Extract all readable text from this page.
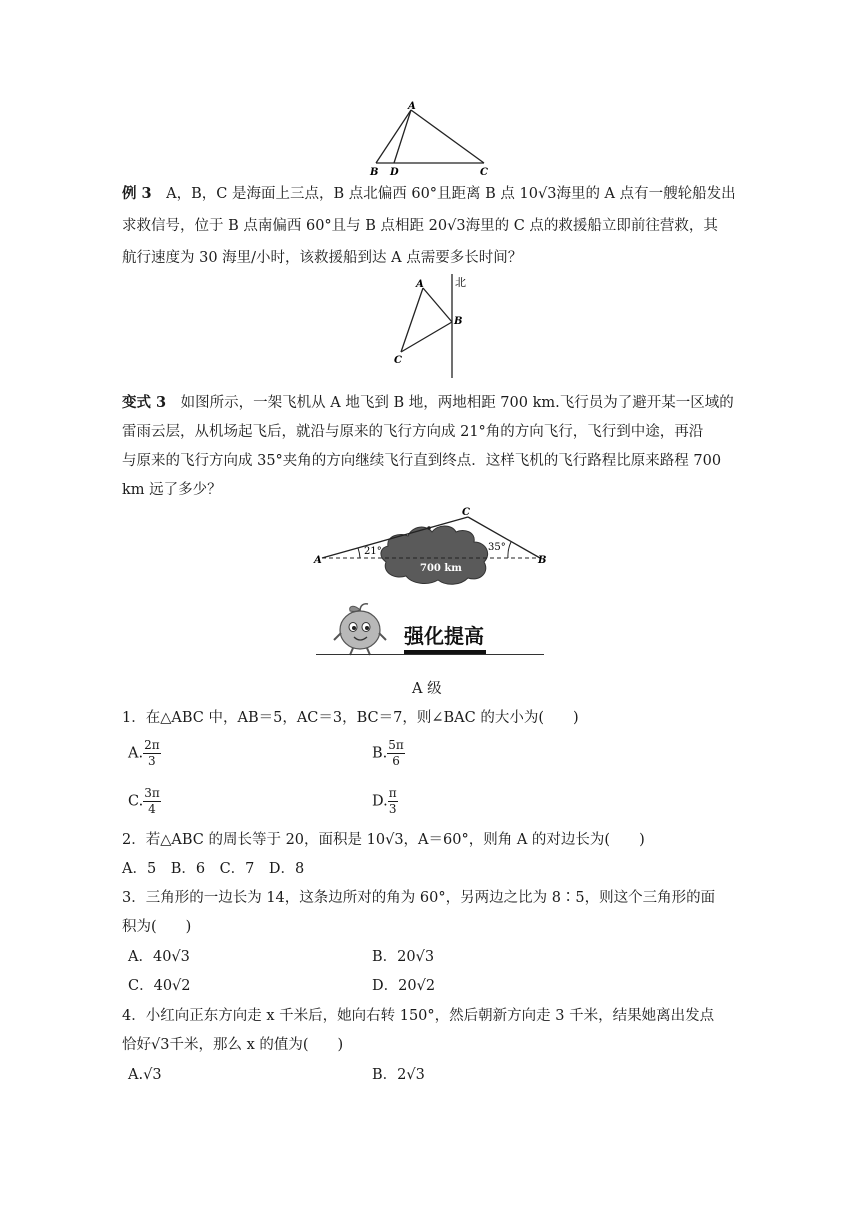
A
B D	C
例 3　 A，B，C 是海面上三点，B 点北偏西 60°且距离 B 点 10√3海里的 A 点有一艘轮船发出
求救信号，位于 B 点南偏西 60°且与 B 点相距 20√3海里的 C 点的救援船立即前往营救，其
航行速度为 30 海里/小时，该救援船到达 A 点需要多长时间？
北
A
B
C
变式 3　 如图所示，一架飞机从 A 地飞到 B 地，两地相距 700 km.飞行员为了避开某一区域的
雷雨云层，从机场起飞后，就沿与原来的飞行方向成 21°角的方向飞行，飞行到中途，再沿
与原来的飞行方向成 35°夹角的方向继续飞行直到终点．这样飞机的飞行路程比原来路程 700
km 远了多少？
A	B
C
21°	35°
700 km
强化提高
A 级
1．在△ABC 中，AB＝5，AC＝3，BC＝7，则∠BAC 的大小为(　　)
A. $\frac{2\pi}{3}$	B. $\frac{5\pi}{6}$
C. $\frac{3\pi}{4}$	D. $\frac{\pi}{3}$
2．若△ABC 的周长等于 20，面积是 10√3，A＝60°，则角 A 的对边长为(　　)
A．5　B．6　C．7　D．8
3．三角形的一边长为 14，这条边所对的角为 60°，另两边之比为 8∶5，则这个三角形的面
积为(　　)
A．40√3	B．20√3
C．40√2	D．20√2
4．小红向正东方向走 x 千米后，她向右转 150°，然后朝新方向走 3 千米，结果她离出发点
恰好√3千米，那么 x 的值为(　　)
A.√3	B．2√3
